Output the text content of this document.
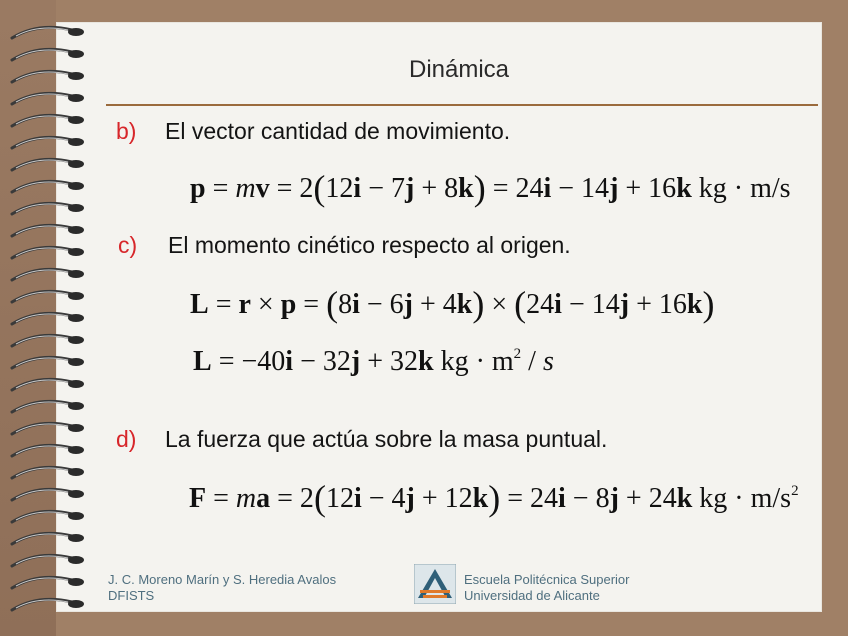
Dinámica
b) El vector cantidad de movimiento.
p = mv = 2(12i − 7j + 8k) = 24i − 14j + 16k kg · m/s
c) El momento cinético respecto al origen.
L = r × p = (8i − 6j + 4k) × (24i − 14j + 16k)
L = −40i − 32j + 32k kg · $m^2$ / s
d) La fuerza que actúa sobre la masa puntual.
F = ma = 2(12i − 4j + 12k) = 24i − 8j + 24k kg · $m/s^2$
J. C. Moreno Marín y S. Heredia Avalos
DFISTS
Escuela Politécnica Superior
Universidad de Alicante
